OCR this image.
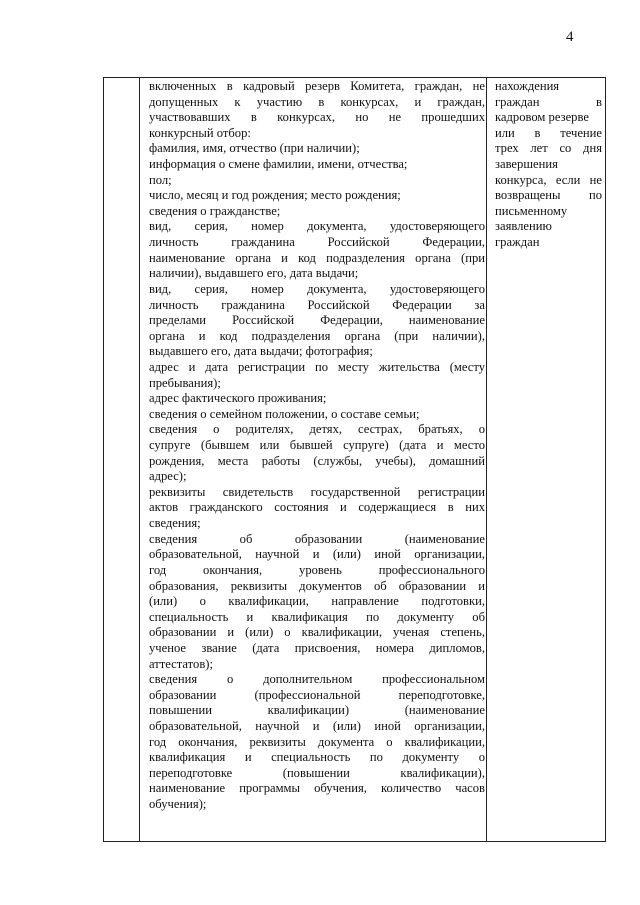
4
включенных в кадровый резерв Комитета, граждан, не
допущенных к участию в конкурсах, и граждан,
участвовавших в конкурсах, но не прошедших
конкурсный отбор:
фамилия, имя, отчество (при наличии);
информация о смене фамилии, имени, отчества;
пол;
число, месяц и год рождения; место рождения;
сведения о гражданстве;
вид, серия, номер документа, удостоверяющего
личность гражданина Российской Федерации,
наименование органа и код подразделения органа (при
наличии), выдавшего его, дата выдачи;
вид, серия, номер документа, удостоверяющего
личность гражданина Российской Федерации за
пределами Российской Федерации, наименование
органа и код подразделения органа (при наличии),
выдавшего его, дата выдачи; фотография;
адрес и дата регистрации по месту жительства (месту
пребывания);
адрес фактического проживания;
сведения о семейном положении, о составе семьи;
сведения о родителях, детях, сестрах, братьях, о
супруге (бывшем или бывшей супруге) (дата и место
рождения, места работы (службы, учебы), домашний
адрес);
реквизиты свидетельств государственной регистрации
актов гражданского состояния и содержащиеся в них
сведения;
сведения об образовании (наименование
образовательной, научной и (или) иной организации,
год окончания, уровень профессионального
образования, реквизиты документов об образовании и
(или) о квалификации, направление подготовки,
специальность и квалификация по документу об
образовании и (или) о квалификации, ученая степень,
ученое звание (дата присвоения, номера дипломов,
аттестатов);
сведения о дополнительном профессиональном
образовании (профессиональной переподготовке,
повышении квалификации) (наименование
образовательной, научной и (или) иной организации,
год окончания, реквизиты документа о квалификации,
квалификация и специальность по документу о
переподготовке (повышении квалификации),
наименование программы обучения, количество часов
обучения);
нахождения
граждан в
кадровом резерве
или в течение
трех лет со дня
завершения
конкурса, если не
возвращены по
письменному
заявлению
граждан
